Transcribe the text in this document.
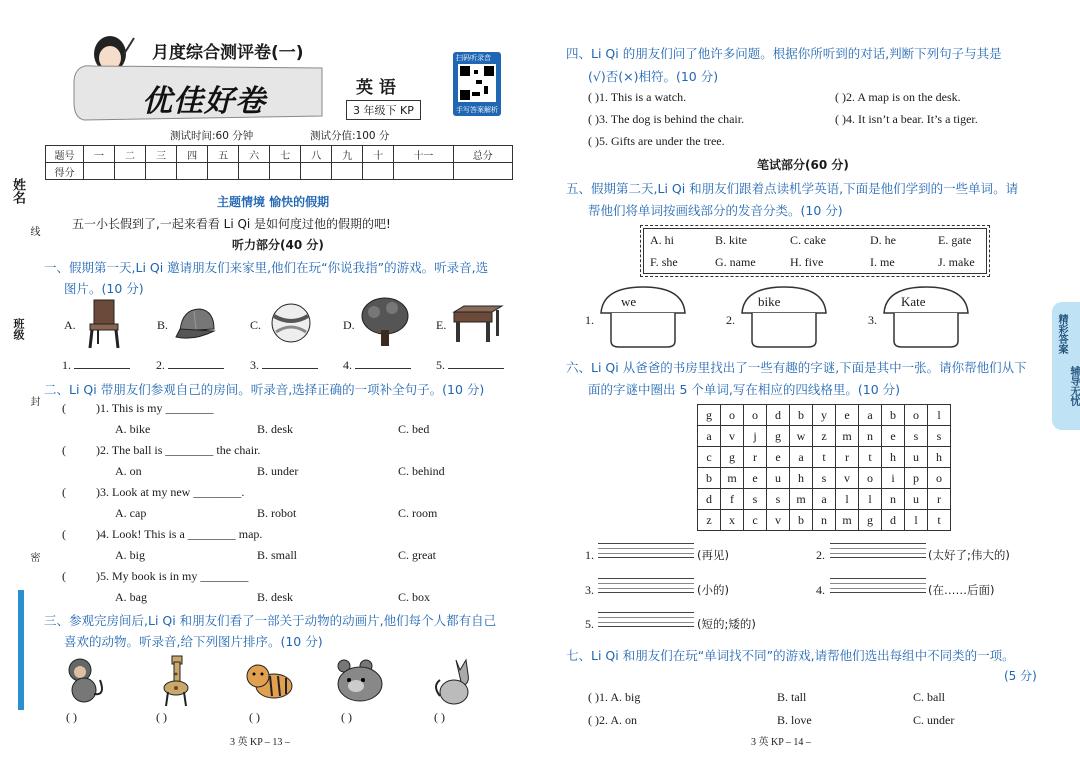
月度综合测评卷(一)
优佳好卷	英 语
3 年级下 KP
扫码听录音
手写答案解析
测试时间:60 分钟	测试分值:100 分
题号	一	二	三	四	五	六	七	八	九	十	十一	总分
得分												
姓名
线
班级
封
密
主题情境 愉快的假期
五一小长假到了,一起来看看 Li Qi 是如何度过他的假期的吧!
听力部分(40 分)
一、假期第一天,Li Qi 邀请朋友们来家里,他们在玩“你说我指”的游戏。听录音,选
图片。(10 分)
A.	B.	C.	D.	E.
1.	2.	3.	4.	5.
二、Li Qi 带朋友们参观自己的房间。听录音,选择正确的一项补全句子。(10 分)
(	)1. This is my ________
A. bike	B. desk	C. bed
(	)2. The ball is ________ the chair.
A. on	B. under	C. behind
(	)3. Look at my new ________.
A. cap	B. robot	C. room
(	)4. Look! This is a ________ map.
A. big	B. small	C. great
(	)5. My book is in my ________
A. bag	B. desk	C. box
三、参观完房间后,Li Qi 和朋友们看了一部关于动物的动画片,他们每个人都有自己
喜欢的动物。听录音,给下列图片排序。(10 分)
( )	( )	( )	( )	( )
3 英 KP – 13 –
四、Li Qi 的朋友们问了他许多问题。根据你所听到的对话,判断下列句子与其是
(√)否(×)相符。(10 分)
( )1. This is a watch.	( )2. A map is on the desk.
( )3. The dog is behind the chair.	( )4. It isn’t a bear. It’s a tiger.
( )5. Gifts are under the tree.
笔试部分(60 分)
五、假期第二天,Li Qi 和朋友们跟着点读机学英语,下面是他们学到的一些单词。请
帮他们将单词按画线部分的发音分类。(10 分)
A. hi	B. kite	C. cake	D. he	E. gate
F. she	G. name	H. five	I. me	J. make
1.
we
2.
bike
3.
Kate
六、Li Qi 从爸爸的书房里找出了一些有趣的字谜,下面是其中一张。请你帮他们从下
面的字谜中圈出 5 个单词,写在相应的四线格里。(10 分)
g	o	o	d	b	y	e	a	b	o	l
a	v	j	g	w	z	m	n	e	s	s
c	g	r	e	a	t	r	t	h	u	h
b	m	e	u	h	s	v	o	i	p	o
d	f	s	s	m	a	l	l	n	u	r
z	x	c	v	b	n	m	g	d	l	t
1.	(再见)	2.	(太好了;伟大的)
3.	(小的)	4.	(在……后面)
5.	(短的;矮的)
七、Li Qi 和朋友们在玩“单词找不同”的游戏,请帮他们选出每组中不同类的一项。
(5 分)
( )1. A. big	B. tall	C. ball
( )2. A. on	B. love	C. under
3 英 KP – 14 –
精彩答案
辅导无忧
